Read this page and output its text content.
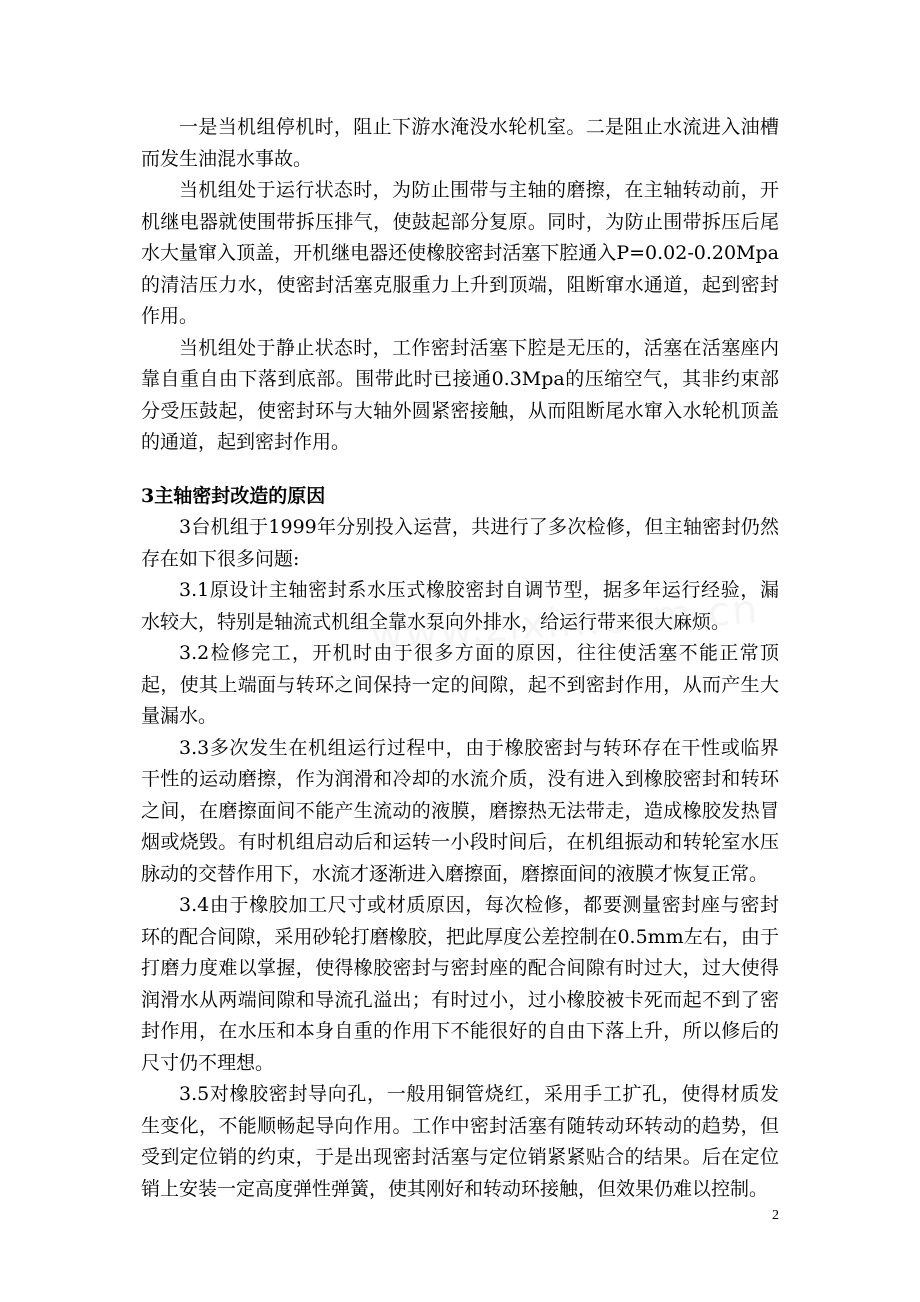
一是当机组停机时，阻止下游水淹没水轮机室。二是阻止水流进入油槽而发生油混水事故。

当机组处于运行状态时，为防止围带与主轴的磨擦，在主轴转动前，开机继电器就使围带拆压排气，使鼓起部分复原。同时，为防止围带拆压后尾水大量窜入顶盖，开机继电器还使橡胶密封活塞下腔通入P=0.02-0.20Mpa的清洁压力水，使密封活塞克服重力上升到顶端，阻断窜水通道，起到密封作用。

当机组处于静止状态时，工作密封活塞下腔是无压的，活塞在活塞座内靠自重自由下落到底部。围带此时已接通0.3Mpa的压缩空气，其非约束部分受压鼓起，使密封环与大轴外圆紧密接触，从而阻断尾水窜入水轮机顶盖的通道，起到密封作用。

3主轴密封改造的原因

3台机组于1999年分别投入运营，共进行了多次检修，但主轴密封仍然存在如下很多问题:

3.1原设计主轴密封系水压式橡胶密封自调节型，据多年运行经验，漏水较大，特别是轴流式机组全靠水泵向外排水，给运行带来很大麻烦。

3.2检修完工，开机时由于很多方面的原因，往往使活塞不能正常顶起，使其上端面与转环之间保持一定的间隙，起不到密封作用，从而产生大量漏水。

3.3多次发生在机组运行过程中，由于橡胶密封与转环存在干性或临界干性的运动磨擦，作为润滑和冷却的水流介质，没有进入到橡胶密封和转环之间，在磨擦面间不能产生流动的液膜，磨擦热无法带走，造成橡胶发热冒烟或烧毁。有时机组启动后和运转一小段时间后，在机组振动和转轮室水压脉动的交替作用下，水流才逐渐进入磨擦面，磨擦面间的液膜才恢复正常。

3.4由于橡胶加工尺寸或材质原因，每次检修，都要测量密封座与密封环的配合间隙，采用砂轮打磨橡胶，把此厚度公差控制在0.5mm左右，由于打磨力度难以掌握，使得橡胶密封与密封座的配合间隙有时过大，过大使得润滑水从两端间隙和导流孔溢出；有时过小，过小橡胶被卡死而起不到了密封作用，在水压和本身自重的作用下不能很好的自由下落上升，所以修后的尺寸仍不理想。

3.5对橡胶密封导向孔，一般用铜管烧红，采用手工扩孔，使得材质发生变化，不能顺畅起导向作用。工作中密封活塞有随转动环转动的趋势，但受到定位销的约束，于是出现密封活塞与定位销紧紧贴合的结果。后在定位销上安装一定高度弹性弹簧，使其刚好和转动环接触，但效果仍难以控制。

2
